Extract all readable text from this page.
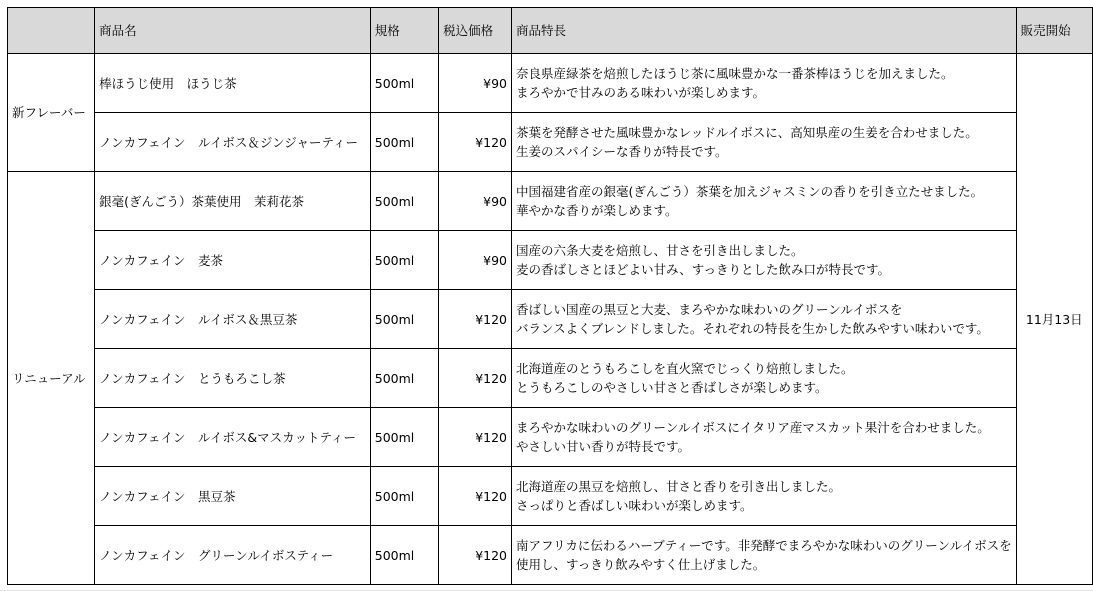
	商品名	規格	税込価格	商品特長	販売開始
新フレーバー	棒ほうじ使用　ほうじ茶	500ml	¥90	奈良県産緑茶を焙煎したほうじ茶に風味豊かな一番茶棒ほうじを加えました。
まろやかで甘みのある味わいが楽しめます。	11月13日
	ノンカフェイン　ルイボス＆ジンジャーティー	500ml	¥120	茶葉を発酵させた風味豊かなレッドルイボスに、高知県産の生姜を合わせました。
生姜のスパイシーな香りが特長です。	

リニューアル	銀毫(ぎんごう）茶葉使用　茉莉花茶	500ml	¥90	中国福建省産の銀毫(ぎんごう）茶葉を加えジャスミンの香りを引き立たせました。
華やかな香りが楽しめます。	

	ノンカフェイン　麦茶	500ml	¥90	国産の六条大麦を焙煎し、甘さを引き出しました。
麦の香ばしさとほどよい甘み、すっきりとした飲み口が特長です。	

	ノンカフェイン　ルイボス＆黒豆茶	500ml	¥120	香ばしい国産の黒豆と大麦、まろやかな味わいのグリーンルイボスを
バランスよくブレンドしました。それぞれの特長を生かした飲みやすい味わいです。	

	ノンカフェイン　とうもろこし茶	500ml	¥120	北海道産のとうもろこしを直火窯でじっくり焙煎しました。
とうもろこしのやさしい甘さと香ばしさが楽しめます。	

	ノンカフェイン　ルイボス&マスカットティー	500ml	¥120	まろやかな味わいのグリーンルイボスにイタリア産マスカット果汁を合わせました。
やさしい甘い香りが特長です。	

	ノンカフェイン　黒豆茶	500ml	¥120	北海道産の黒豆を焙煎し、甘さと香りを引き出しました。
さっぱりと香ばしい味わいが楽しめます。	

	ノンカフェイン　グリーンルイボスティー	500ml	¥120	南アフリカに伝わるハーブティーです。非発酵でまろやかな味わいのグリーンルイボスを
使用し、すっきり飲みやすく仕上げました。	
